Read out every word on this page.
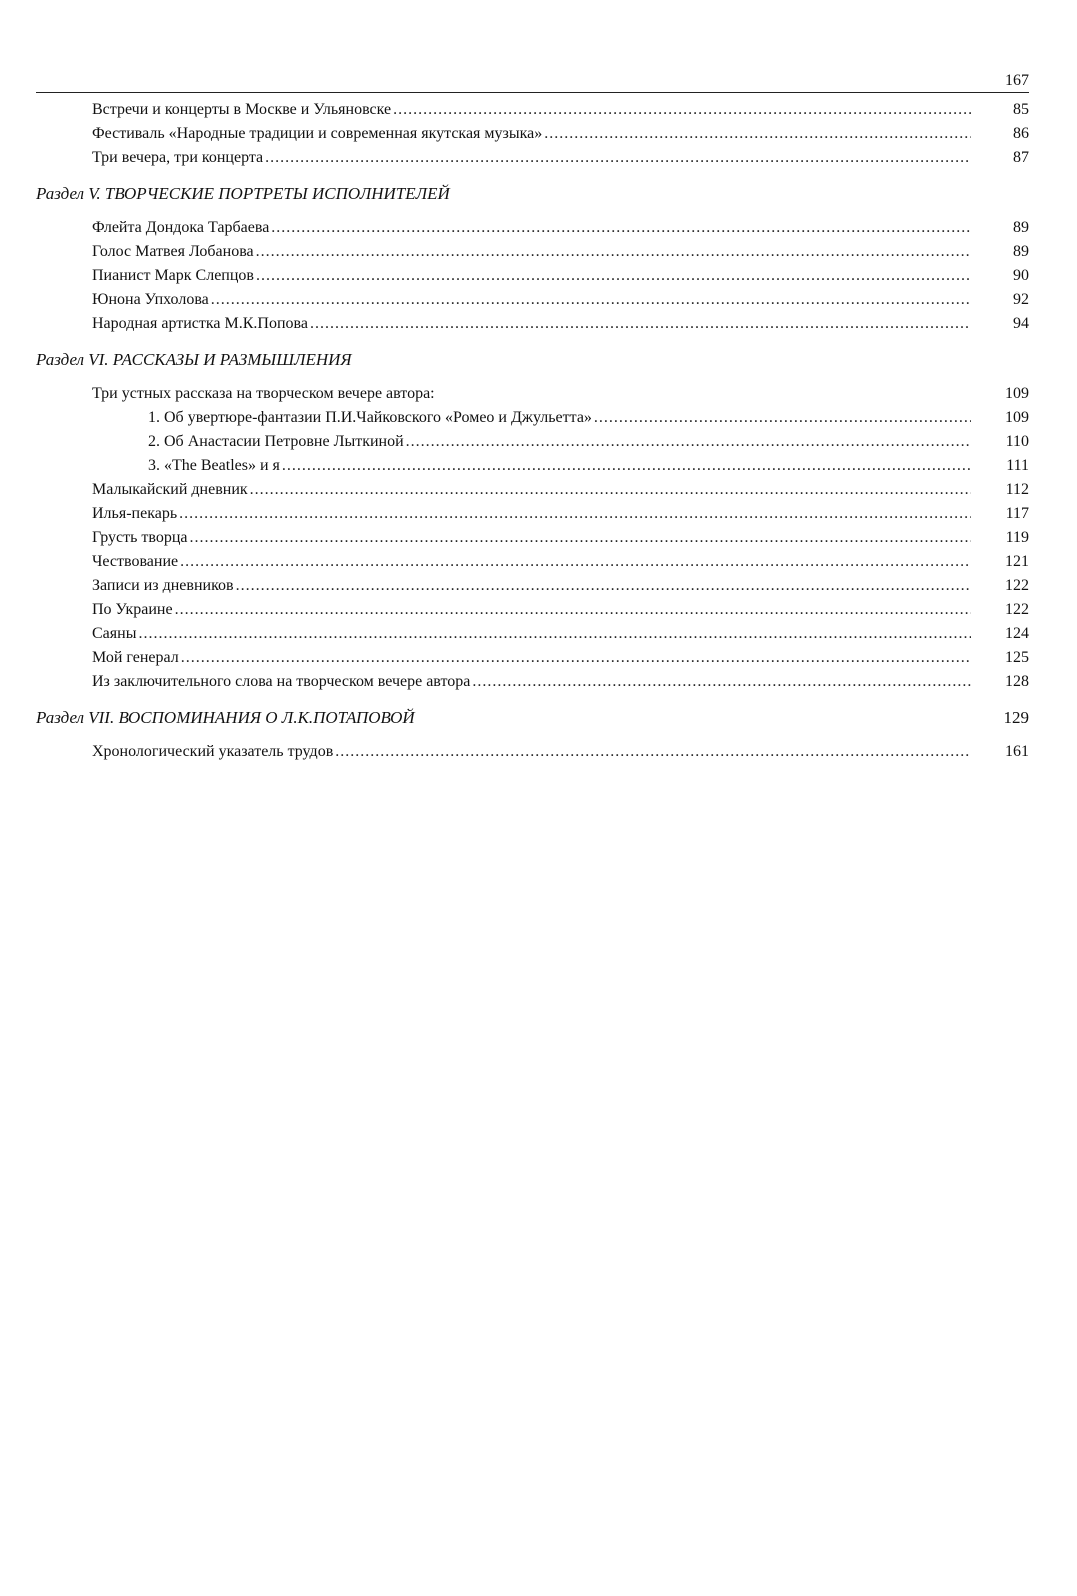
167
Встречи и концерты в Москве и Ульяновске .....	85
Фестиваль «Народные традиции и современная якутская музыка» .....	86
Три вечера, три концерта .....	87
Раздел V. ТВОРЧЕСКИЕ ПОРТРЕТЫ ИСПОЛНИТЕЛЕЙ
Флейта Дондока Тарбаева .....	89
Голос Матвея Лобанова .....	89
Пианист Марк Слепцов .....	90
Юнона Упхолова .....	92
Народная артистка М.К.Попова .....	94
Раздел VI. РАССКАЗЫ И РАЗМЫШЛЕНИЯ
Три устных рассказа на творческом вечере автора:	109
1. Об увертюре-фантазии П.И.Чайковского «Ромео и Джульетта» .....	109
2. Об Анастасии Петровне Лыткиной .....	110
3. «The Beatles» и я .....	111
Малыкайский дневник .....	112
Илья-пекарь .....	117
Грусть творца .....	119
Чествование .....	121
Записи из дневников .....	122
По Украине .....	122
Саяны .....	124
Мой генерал .....	125
Из заключительного слова на творческом вечере автора .....	128
Раздел VII. ВОСПОМИНАНИЯ О Л.К.ПОТАПОВОЙ	129
Хронологический указатель трудов .....	161
